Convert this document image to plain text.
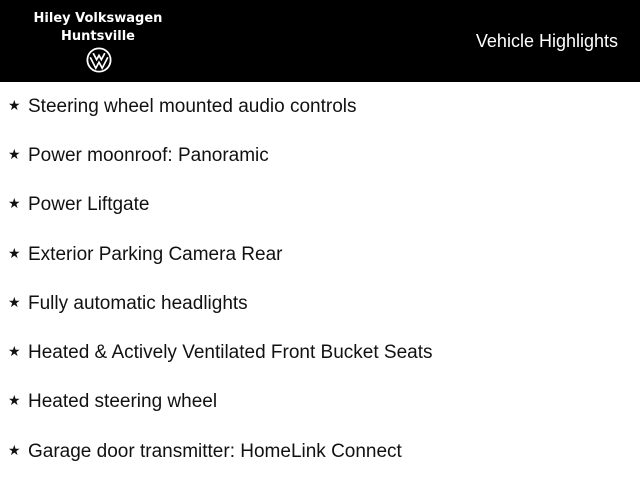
Hiley Volkswagen
Huntsville	Vehicle Highlights
★ Steering wheel mounted audio controls
★ Power moonroof: Panoramic
★ Power Liftgate
★ Exterior Parking Camera Rear
★ Fully automatic headlights
★ Heated & Actively Ventilated Front Bucket Seats
★ Heated steering wheel
★ Garage door transmitter: HomeLink Connect
